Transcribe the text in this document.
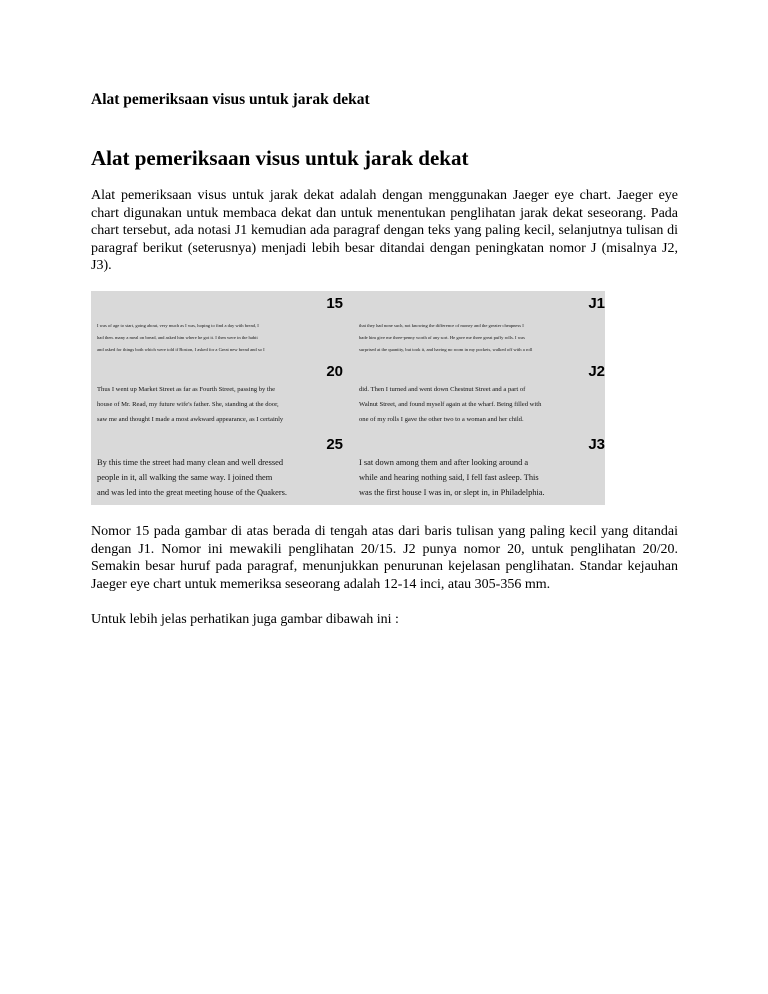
Alat pemeriksaan visus untuk jarak dekat
Alat pemeriksaan visus untuk jarak dekat

Alat pemeriksaan visus untuk jarak dekat adalah dengan menggunakan Jaeger eye chart. Jaeger eye chart digunakan untuk membaca dekat dan untuk menentukan penglihatan jarak dekat seseorang. Pada chart tersebut, ada notasi J1 kemudian ada paragraf dengan teks yang paling kecil, selanjutnya tulisan di paragraf berikut (seterusnya) menjadi lebih besar ditandai dengan peningkatan nomor J (misalnya J2, J3).

15
I was of age to start, going about, very much as I was, hoping to find a day with bread, I
had then. many a meal on bread, and asked him where he got it. I then were in the habit
and asked for things both which were told if Boston, I asked for a Great new bread and so I
J1
that they had none such, not knowing the difference of money and the greater cheapness I
bade him give me three-penny worth of any sort. He gave me three great puffy rolls. I was
surprised at the quantity, but took it, and having no room in my pockets, walked off with a roll
20
Thus I went up Market Street as far as Fourth Street, passing by the
house of Mr. Read, my future wife's father. She, standing at the door,
saw me and thought I made a most awkward appearance, as I certainly
J2
did. Then I turned and went down Chestnut Street and a part of
Walnut Street, and found myself again at the wharf. Being filled with
one of my rolls I gave the other two to a woman and her child.
25
By this time the street had many clean and well dressed
people in it, all walking the same way. I joined them
and was led into the great meeting house of the Quakers.
J3
I sat down among them and after looking around a
while and hearing nothing said, I fell fast asleep. This
was the first house I was in, or slept in, in Philadelphia.

Nomor 15 pada gambar di atas berada di tengah atas dari baris tulisan yang paling kecil yang ditandai dengan J1. Nomor ini mewakili penglihatan 20/15. J2 punya nomor 20, untuk penglihatan 20/20. Semakin besar huruf pada paragraf, menunjukkan penurunan kejelasan penglihatan. Standar kejauhan Jaeger eye chart untuk memeriksa seseorang adalah 12-14 inci, atau 305-356 mm.

Untuk lebih jelas perhatikan juga gambar dibawah ini :
